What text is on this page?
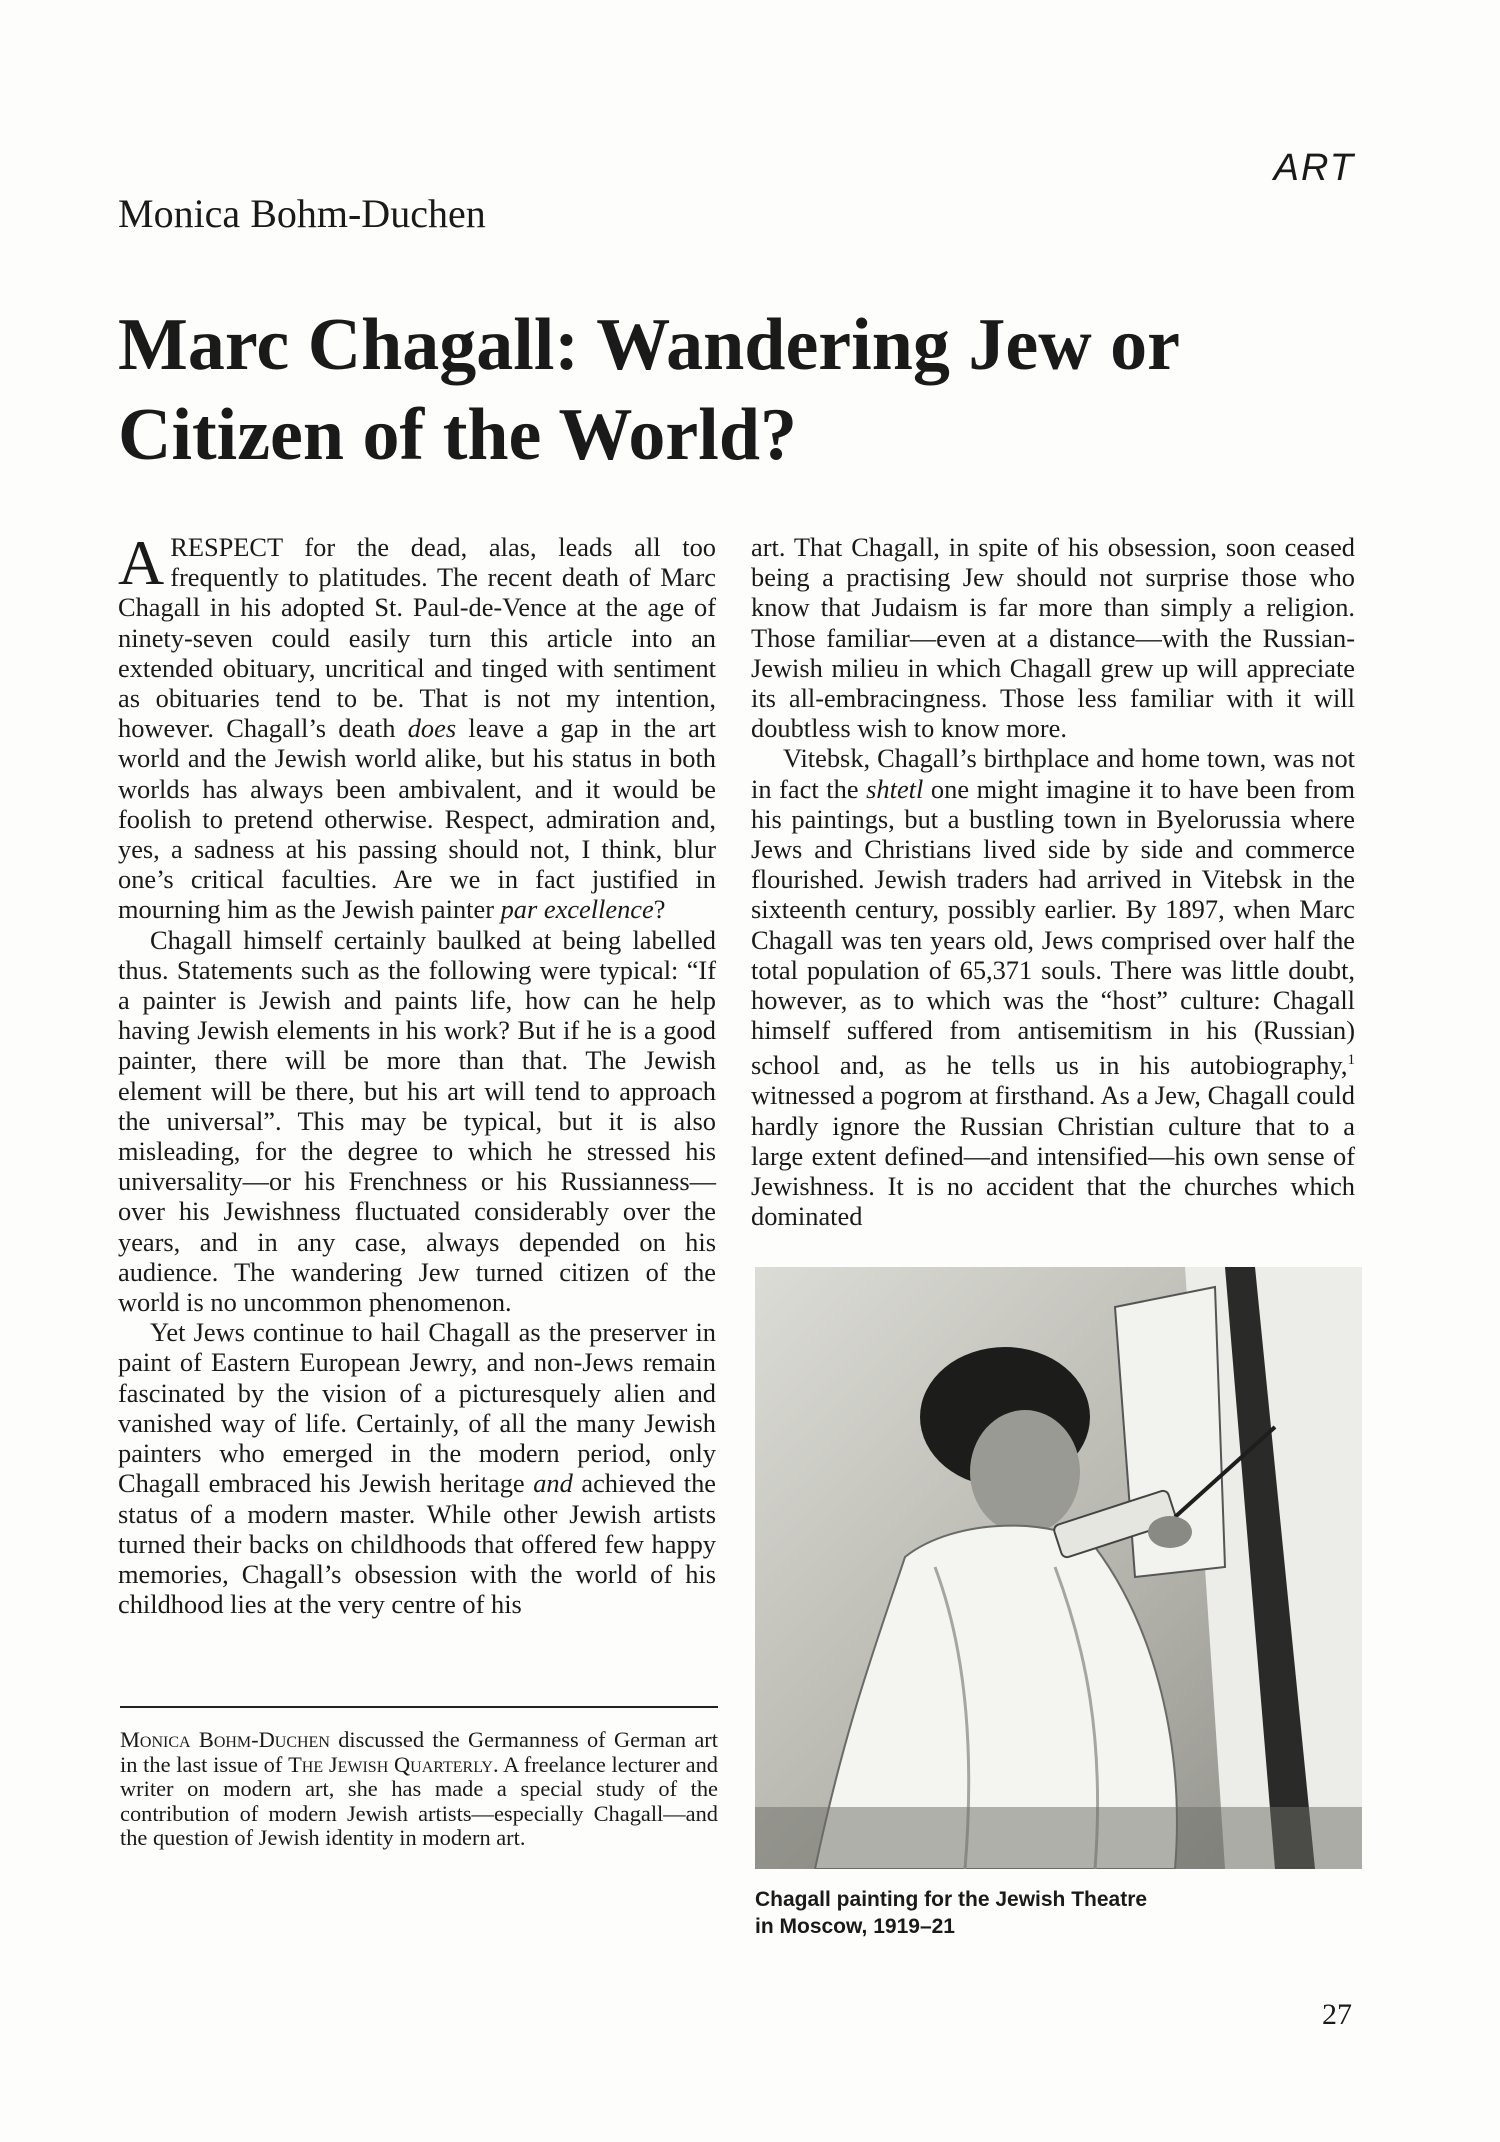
Monica Bohm-Duchen
ART
Marc Chagall: Wandering Jew or
Citizen of the World?

ARESPECT for the dead, alas, leads all too frequently to platitudes. The recent death of Marc Chagall in his adopted St. Paul-de-Vence at the age of ninety-seven could easily turn this article into an extended obituary, uncritical and tinged with sentiment as obituaries tend to be. That is not my intention, however. Chagall’s death does leave a gap in the art world and the Jewish world alike, but his status in both worlds has always been ambivalent, and it would be foolish to pretend otherwise. Respect, admiration and, yes, a sadness at his passing should not, I think, blur one’s critical faculties. Are we in fact justified in mourning him as the Jewish painter par excellence?

Chagall himself certainly baulked at being labelled thus. Statements such as the following were typical: “If a painter is Jewish and paints life, how can he help having Jewish elements in his work? But if he is a good painter, there will be more than that. The Jewish element will be there, but his art will tend to approach the universal”. This may be typical, but it is also misleading, for the degree to which he stressed his universality—or his Frenchness or his Russianness—over his Jewishness fluctuated considerably over the years, and in any case, always depended on his audience. The wandering Jew turned citizen of the world is no uncommon phenomenon.

Yet Jews continue to hail Chagall as the preserver in paint of Eastern European Jewry, and non-Jews remain fascinated by the vision of a picturesquely alien and vanished way of life. Certainly, of all the many Jewish painters who emerged in the modern period, only Chagall embraced his Jewish heritage and achieved the status of a modern master. While other Jewish artists turned their backs on childhoods that offered few happy memories, Chagall’s obsession with the world of his childhood lies at the very centre of his

art. That Chagall, in spite of his obsession, soon ceased being a practising Jew should not surprise those who know that Judaism is far more than simply a religion. Those familiar—even at a distance—with the Russian-Jewish milieu in which Chagall grew up will appreciate its all-embracingness. Those less familiar with it will doubtless wish to know more.

Vitebsk, Chagall’s birthplace and home town, was not in fact the shtetl one might imagine it to have been from his paintings, but a bustling town in Byelorussia where Jews and Christians lived side by side and commerce flourished. Jewish traders had arrived in Vitebsk in the sixteenth century, possibly earlier. By 1897, when Marc Chagall was ten years old, Jews comprised over half the total population of 65,371 souls. There was little doubt, however, as to which was the “host” culture: Chagall himself suffered from antisemitism in his (Russian) school and, as he tells us in his autobiography,$^1$ witnessed a pogrom at firsthand. As a Jew, Chagall could hardly ignore the Russian Christian culture that to a large extent defined—and intensified—his own sense of Jewishness. It is no accident that the churches which dominated

Monica Bohm-Duchen discussed the Germanness of German art in the last issue of The Jewish Quarterly. A freelance lecturer and writer on modern art, she has made a special study of the contribution of modern Jewish artists—especially Chagall—and the question of Jewish identity in modern art.
Chagall painting for the Jewish Theatre
in Moscow, 1919–21
27
